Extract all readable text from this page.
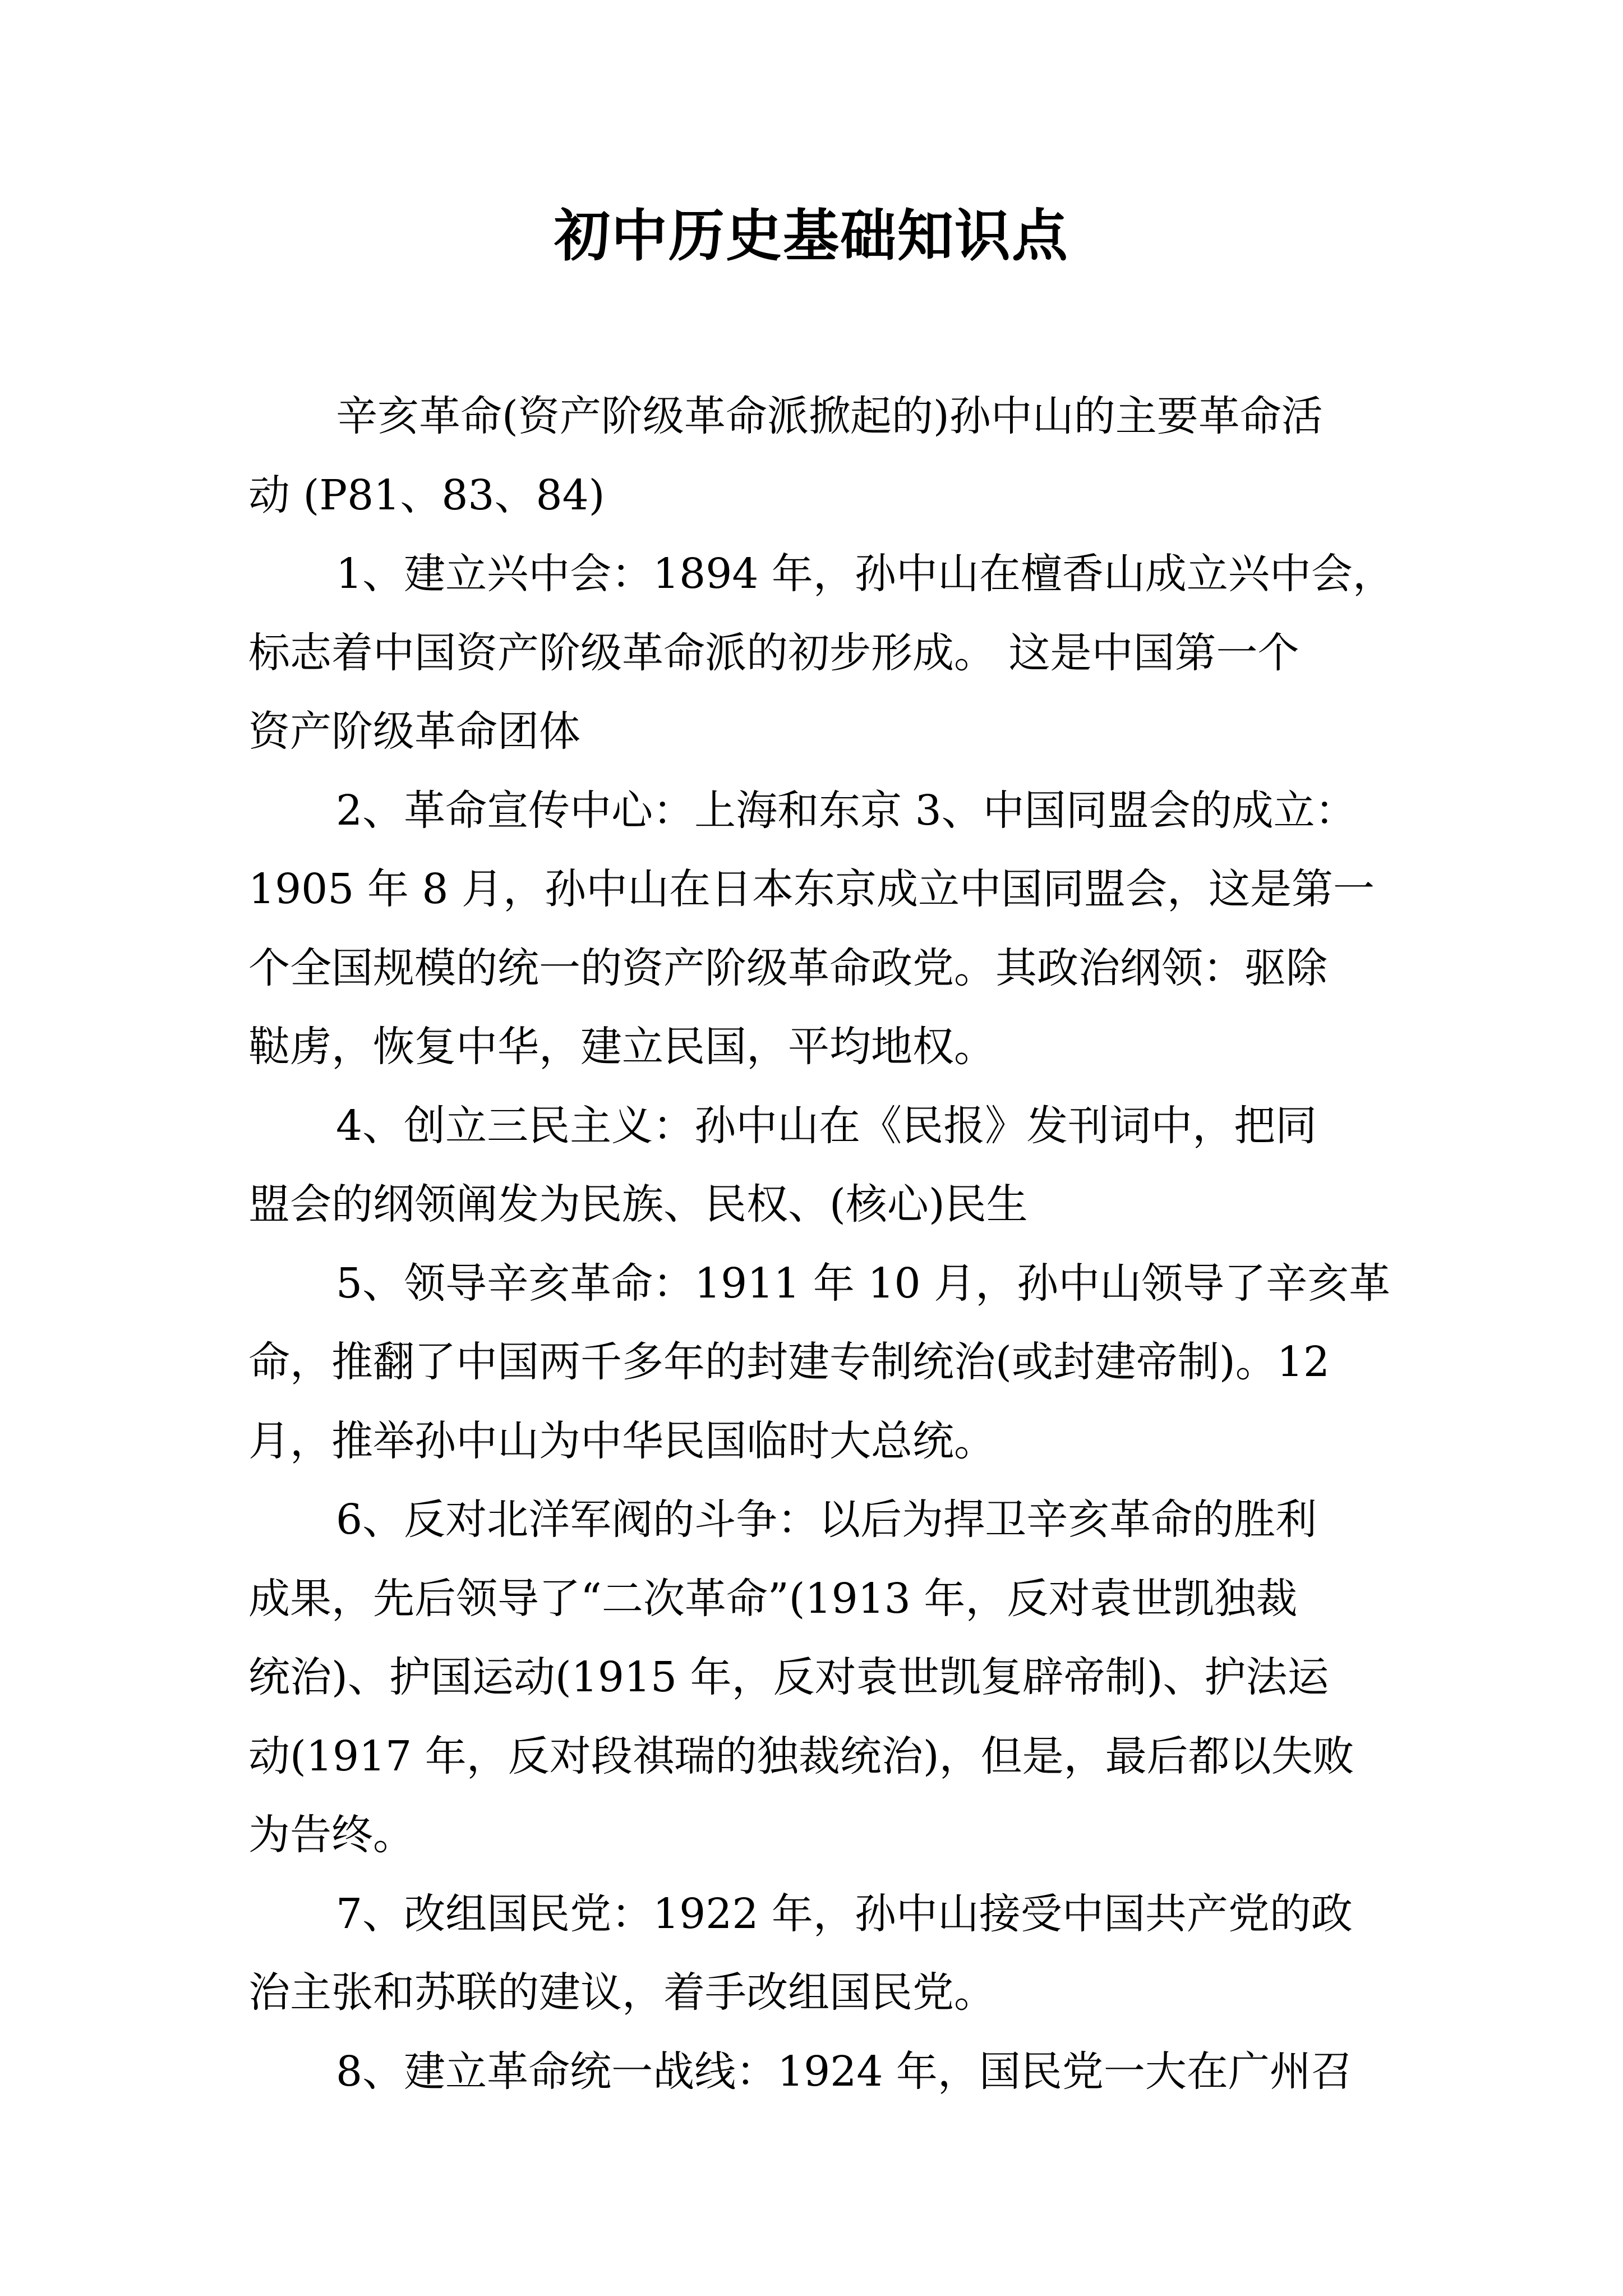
初中历史基础知识点
辛亥革命(资产阶级革命派掀起的)孙中山的主要革命活
动 (P81、83、84)
1、建立兴中会：1894 年，孙中山在檀香山成立兴中会，
标志着中国资产阶级革命派的初步形成。 这是中国第一个
资产阶级革命团体
2、革命宣传中心：上海和东京 3、中国同盟会的成立：
1905 年 8 月，孙中山在日本东京成立中国同盟会，这是第一
个全国规模的统一的资产阶级革命政党。其政治纲领：驱除
鞑虏，恢复中华，建立民国，平均地权。
4、创立三民主义：孙中山在《民报》发刊词中，把同
盟会的纲领阐发为民族、民权、(核心)民生
5、领导辛亥革命：1911 年 10 月，孙中山领导了辛亥革
命，推翻了中国两千多年的封建专制统治(或封建帝制)。12
月，推举孙中山为中华民国临时大总统。
6、反对北洋军阀的斗争：以后为捍卫辛亥革命的胜利
成果，先后领导了“二次革命”(1913 年，反对袁世凯独裁
统治)、护国运动(1915 年，反对袁世凯复辟帝制)、护法运
动(1917 年，反对段祺瑞的独裁统治)，但是，最后都以失败
为告终。
7、改组国民党：1922 年，孙中山接受中国共产党的政
治主张和苏联的建议，着手改组国民党。
8、建立革命统一战线：1924 年，国民党一大在广州召
